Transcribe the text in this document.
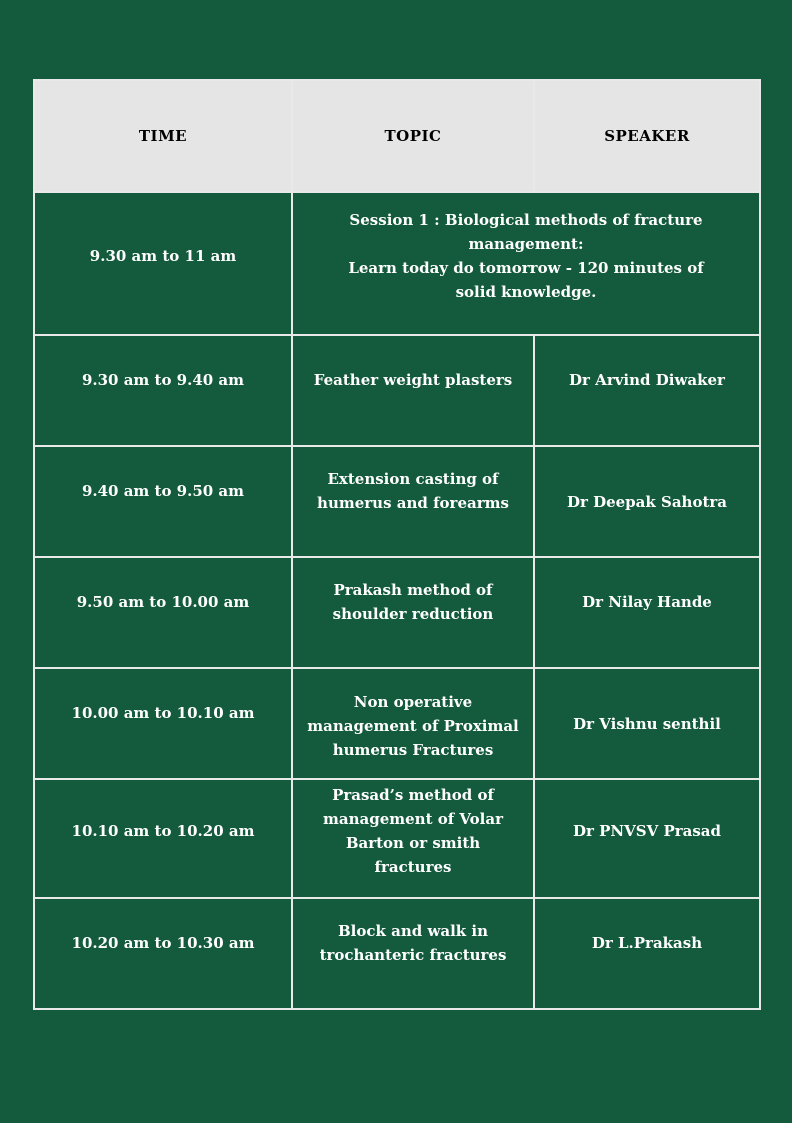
TIME	TOPIC	SPEAKER
9.30 am to 11 am	Session 1 : Biological methods of fracture management:
Learn today do tomorrow - 120 minutes of solid knowledge.	

9.30 am to 9.40 am	Feather weight plasters	Dr Arvind Diwaker
9.40 am to 9.50 am	Extension casting of humerus and forearms	Dr Deepak Sahotra
9.50 am to 10.00 am	Prakash method of shoulder reduction	Dr Nilay Hande
10.00 am to 10.10 am	Non operative management of Proximal humerus Fractures	Dr Vishnu senthil
10.10 am to 10.20 am	Prasad’s method of management of Volar Barton or smith fractures	Dr PNVSV Prasad
10.20 am to 10.30 am	Block and walk in trochanteric fractures	Dr L.Prakash
